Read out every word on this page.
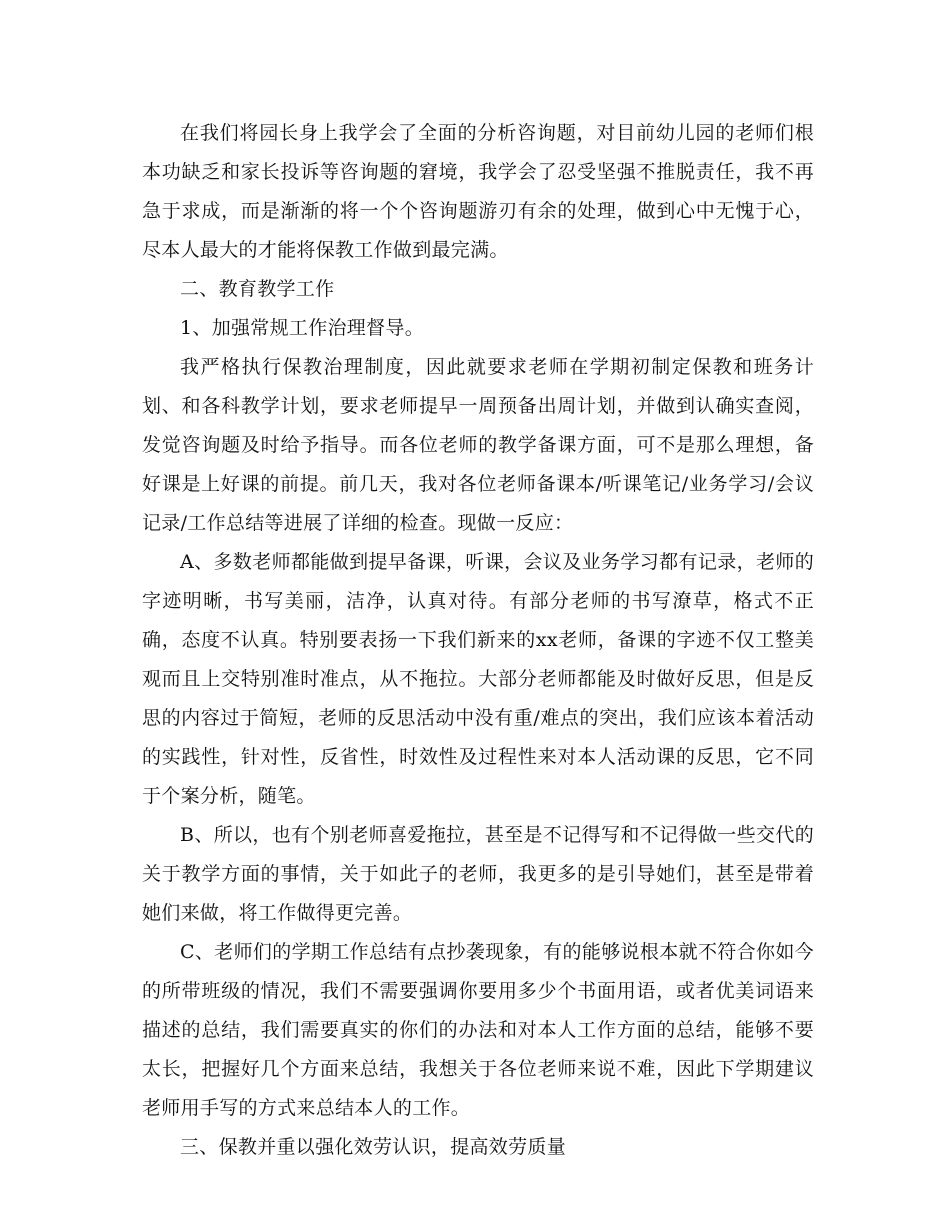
在我们将园长身上我学会了全面的分析咨询题，对目前幼儿园的老师们根本功缺乏和家长投诉等咨询题的窘境，我学会了忍受坚强不推脱责任，我不再急于求成，而是渐渐的将一个个咨询题游刃有余的处理，做到心中无愧于心，尽本人最大的才能将保教工作做到最完满。

二、教育教学工作

1、加强常规工作治理督导。

我严格执行保教治理制度，因此就要求老师在学期初制定保教和班务计划、和各科教学计划，要求老师提早一周预备出周计划，并做到认确实查阅，发觉咨询题及时给予指导。而各位老师的教学备课方面，可不是那么理想，备好课是上好课的前提。前几天，我对各位老师备课本/听课笔记/业务学习/会议记录/工作总结等进展了详细的检查。现做一反应：

A、多数老师都能做到提早备课，听课，会议及业务学习都有记录，老师的字迹明晰，书写美丽，洁净，认真对待。有部分老师的书写潦草，格式不正确，态度不认真。特别要表扬一下我们新来的xx老师，备课的字迹不仅工整美观而且上交特别准时准点，从不拖拉。大部分老师都能及时做好反思，但是反思的内容过于简短，老师的反思活动中没有重/难点的突出，我们应该本着活动的实践性，针对性，反省性，时效性及过程性来对本人活动课的反思，它不同于个案分析，随笔。

B、所以，也有个别老师喜爱拖拉，甚至是不记得写和不记得做一些交代的关于教学方面的事情，关于如此子的老师，我更多的是引导她们，甚至是带着她们来做，将工作做得更完善。

C、老师们的学期工作总结有点抄袭现象，有的能够说根本就不符合你如今的所带班级的情况，我们不需要强调你要用多少个书面用语，或者优美词语来描述的总结，我们需要真实的你们的办法和对本人工作方面的总结，能够不要太长，把握好几个方面来总结，我想关于各位老师来说不难，因此下学期建议老师用手写的方式来总结本人的工作。

三、保教并重以强化效劳认识，提高效劳质量
